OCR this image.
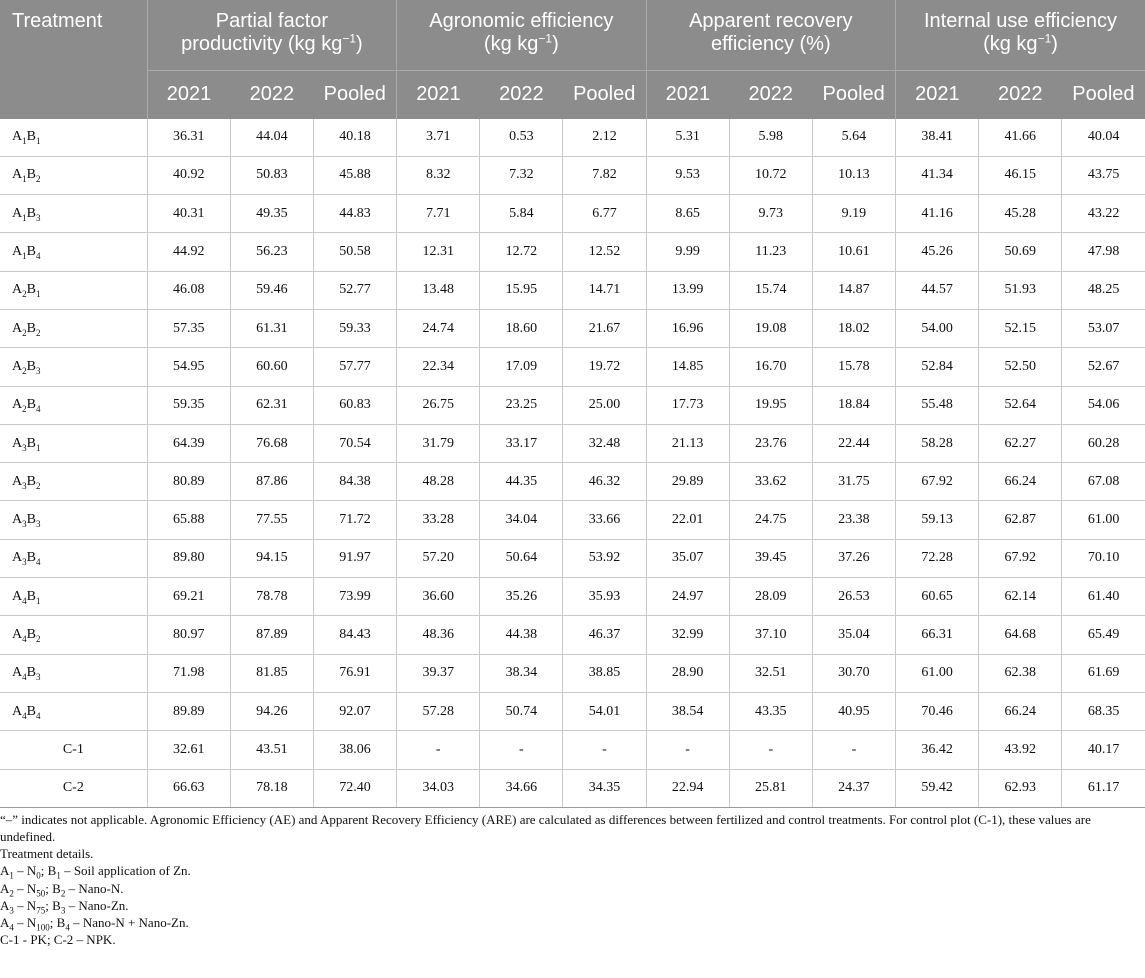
Treatment	Partial factor
productivity (kg $kg^{-1}$)			Agronomic efficiency
(kg $kg^{-1}$)			Apparent recovery
efficiency (%)			Internal use efficiency
(kg $kg^{-1}$)		
	2021	2022	Pooled	2021	2022	Pooled	2021	2022	Pooled	2021	2022	Pooled
$A_1B_1$	36.31	44.04	40.18	3.71	0.53	2.12	5.31	5.98	5.64	38.41	41.66	40.04
$A_1B_2$	40.92	50.83	45.88	8.32	7.32	7.82	9.53	10.72	10.13	41.34	46.15	43.75
$A_1B_3$	40.31	49.35	44.83	7.71	5.84	6.77	8.65	9.73	9.19	41.16	45.28	43.22
$A_1B_4$	44.92	56.23	50.58	12.31	12.72	12.52	9.99	11.23	10.61	45.26	50.69	47.98
$A_2B_1$	46.08	59.46	52.77	13.48	15.95	14.71	13.99	15.74	14.87	44.57	51.93	48.25
$A_2B_2$	57.35	61.31	59.33	24.74	18.60	21.67	16.96	19.08	18.02	54.00	52.15	53.07
$A_2B_3$	54.95	60.60	57.77	22.34	17.09	19.72	14.85	16.70	15.78	52.84	52.50	52.67
$A_2B_4$	59.35	62.31	60.83	26.75	23.25	25.00	17.73	19.95	18.84	55.48	52.64	54.06
$A_3B_1$	64.39	76.68	70.54	31.79	33.17	32.48	21.13	23.76	22.44	58.28	62.27	60.28
$A_3B_2$	80.89	87.86	84.38	48.28	44.35	46.32	29.89	33.62	31.75	67.92	66.24	67.08
$A_3B_3$	65.88	77.55	71.72	33.28	34.04	33.66	22.01	24.75	23.38	59.13	62.87	61.00
$A_3B_4$	89.80	94.15	91.97	57.20	50.64	53.92	35.07	39.45	37.26	72.28	67.92	70.10
$A_4B_1$	69.21	78.78	73.99	36.60	35.26	35.93	24.97	28.09	26.53	60.65	62.14	61.40
$A_4B_2$	80.97	87.89	84.43	48.36	44.38	46.37	32.99	37.10	35.04	66.31	64.68	65.49
$A_4B_3$	71.98	81.85	76.91	39.37	38.34	38.85	28.90	32.51	30.70	61.00	62.38	61.69
$A_4B_4$	89.89	94.26	92.07	57.28	50.74	54.01	38.54	43.35	40.95	70.46	66.24	68.35
C-1	32.61	43.51	38.06	-	-	-	-	-	-	36.42	43.92	40.17
C-2	66.63	78.18	72.40	34.03	34.66	34.35	22.94	25.81	24.37	59.42	62.93	61.17

“–” indicates not applicable. Agronomic Efficiency (AE) and Apparent Recovery Efficiency (ARE) are calculated as differences between fertilized and control treatments. For control plot (C-1), these values are undefined.

Treatment details.

$A_1 - N_0$; $B_1$ – Soil application of Zn.

$A_2 - N_{50}$; $B_2$ – Nano-N.

$A_3 - N_{75}$; $B_3$ – Nano-Zn.

$A_4 - N_{100}$; $B_4$ – Nano-N + Nano-Zn.

C-1 - PK; C-2 – NPK.
